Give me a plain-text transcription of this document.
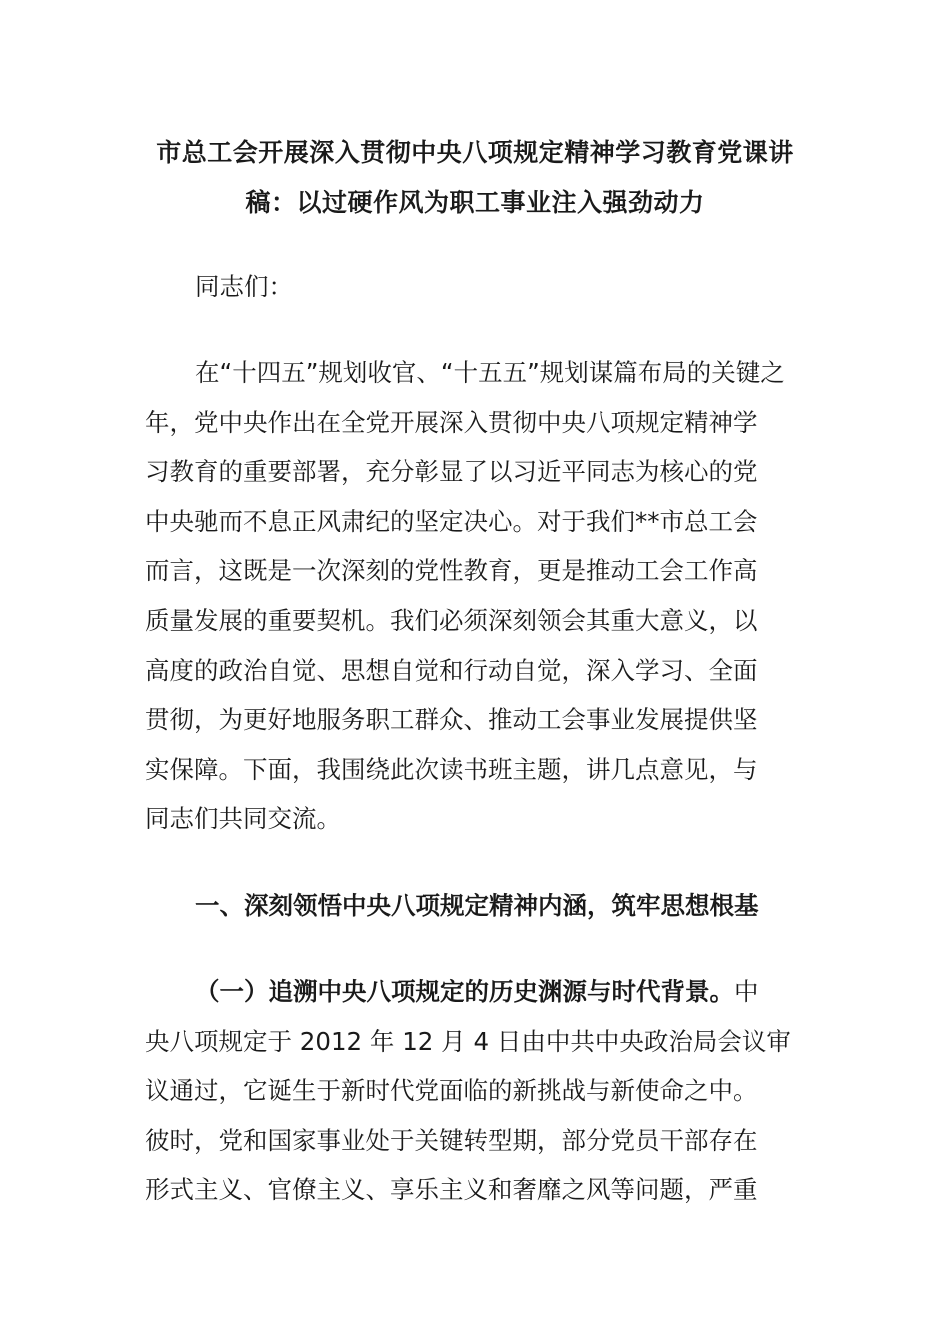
市总工会开展深入贯彻中央八项规定精神学习教育党课讲
稿：以过硬作风为职工事业注入强劲动力
同志们：
在“十四五”规划收官、“十五五”规划谋篇布局的关键之
年，党中央作出在全党开展深入贯彻中央八项规定精神学
习教育的重要部署，充分彰显了以习近平同志为核心的党
中央驰而不息正风肃纪的坚定决心。对于我们**市总工会
而言，这既是一次深刻的党性教育，更是推动工会工作高
质量发展的重要契机。我们必须深刻领会其重大意义，以
高度的政治自觉、思想自觉和行动自觉，深入学习、全面
贯彻，为更好地服务职工群众、推动工会事业发展提供坚
实保障。下面，我围绕此次读书班主题，讲几点意见，与
同志们共同交流。
一、深刻领悟中央八项规定精神内涵，筑牢思想根基
（一）追溯中央八项规定的历史渊源与时代背景。中
央八项规定于 2012 年 12 月 4 日由中共中央政治局会议审
议通过，它诞生于新时代党面临的新挑战与新使命之中。
彼时，党和国家事业处于关键转型期，部分党员干部存在
形式主义、官僚主义、享乐主义和奢靡之风等问题，严重
